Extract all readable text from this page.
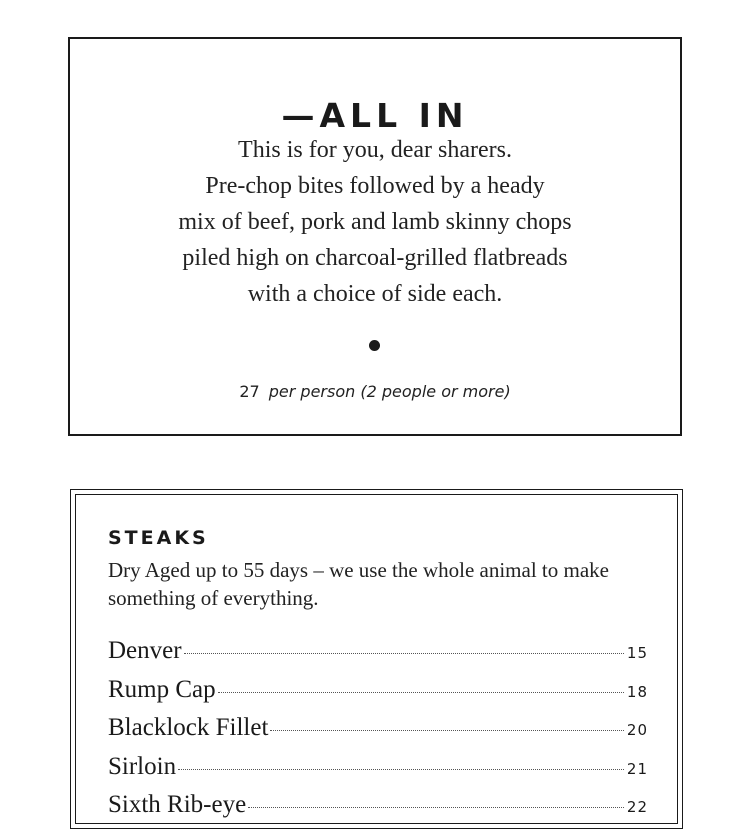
—ALL IN
This is for you, dear sharers.
Pre-chop bites followed by a heady
mix of beef, pork and lamb skinny chops
piled high on charcoal-grilled flatbreads
with a choice of side each.
27 per person (2 people or more)
STEAKS

Dry Aged up to 55 days – we use the whole animal to make something of everything.

Denver	15
Rump Cap	18
Blacklock Fillet	20
Sirloin	21
Sixth Rib-eye	22
